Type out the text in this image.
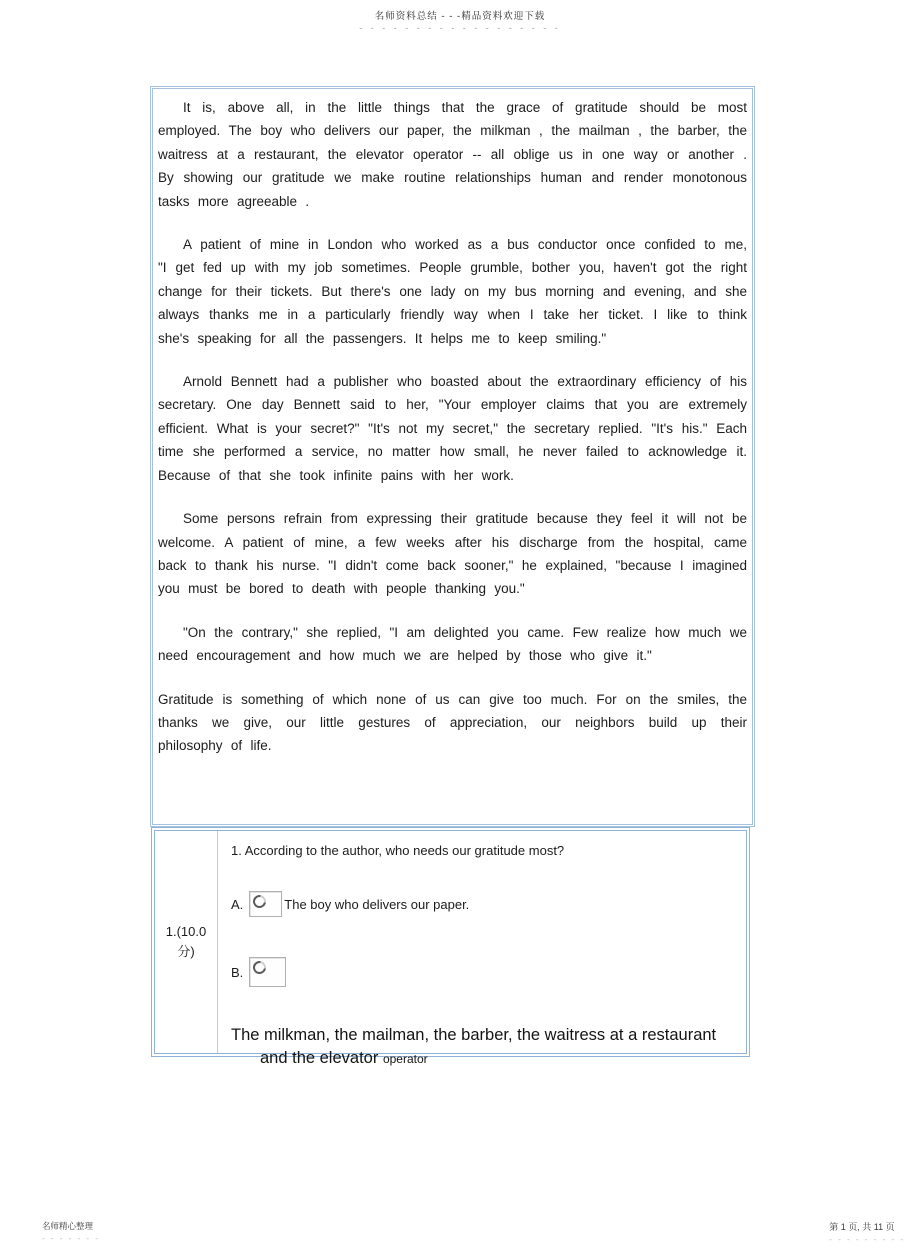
名师资料总结 - - -精品资料欢迎下载
- - - - - - - - - - - - - - - - - -

It is, above all, in the little things that the grace of gratitude should be most employed. The boy who delivers our paper, the milkman , the mailman , the barber, the waitress at a restaurant, the elevator operator -- all oblige us in one way or another . By showing our gratitude we make routine relationships human and render monotonous tasks more agreeable .

A patient of mine in London who worked as a bus conductor once confided to me, "I get fed up with my job sometimes. People grumble, bother you, haven't got the right change for their tickets. But there's one lady on my bus morning and evening, and she always thanks me in a particularly friendly way when I take her ticket. I like to think she's speaking for all the passengers. It helps me to keep smiling."

Arnold Bennett had a publisher who boasted about the extraordinary efficiency of his secretary. One day Bennett said to her, "Your employer claims that you are extremely efficient. What is your secret?" "It's not my secret," the secretary replied. "It's his." Each time she performed a service, no matter how small, he never failed to acknowledge it. Because of that she took infinite pains with her work.

Some persons refrain from expressing their gratitude because they feel it will not be welcome. A patient of mine, a few weeks after his discharge from the hospital, came back to thank his nurse. "I didn't come back sooner," he explained, "because I imagined you must be bored to death with people thanking you."

"On the contrary," she replied, "I am delighted you came. Few realize how much we need encouragement and how much we are helped by those who give it."

Gratitude is something of which none of us can give too much. For on the smiles, the thanks we give, our little gestures of appreciation, our neighbors build up their philosophy of life.

1.(10.0 分)
1. According to the author, who needs our gratitude most?
A.	The boy who delivers our paper.
B.
The milkman, the mailman, the barber, the waitress at a restaurant
and the elevator operator
名师精心整理
- - - - - - -
第 1 页, 共 11 页
- - - - - - - - -
